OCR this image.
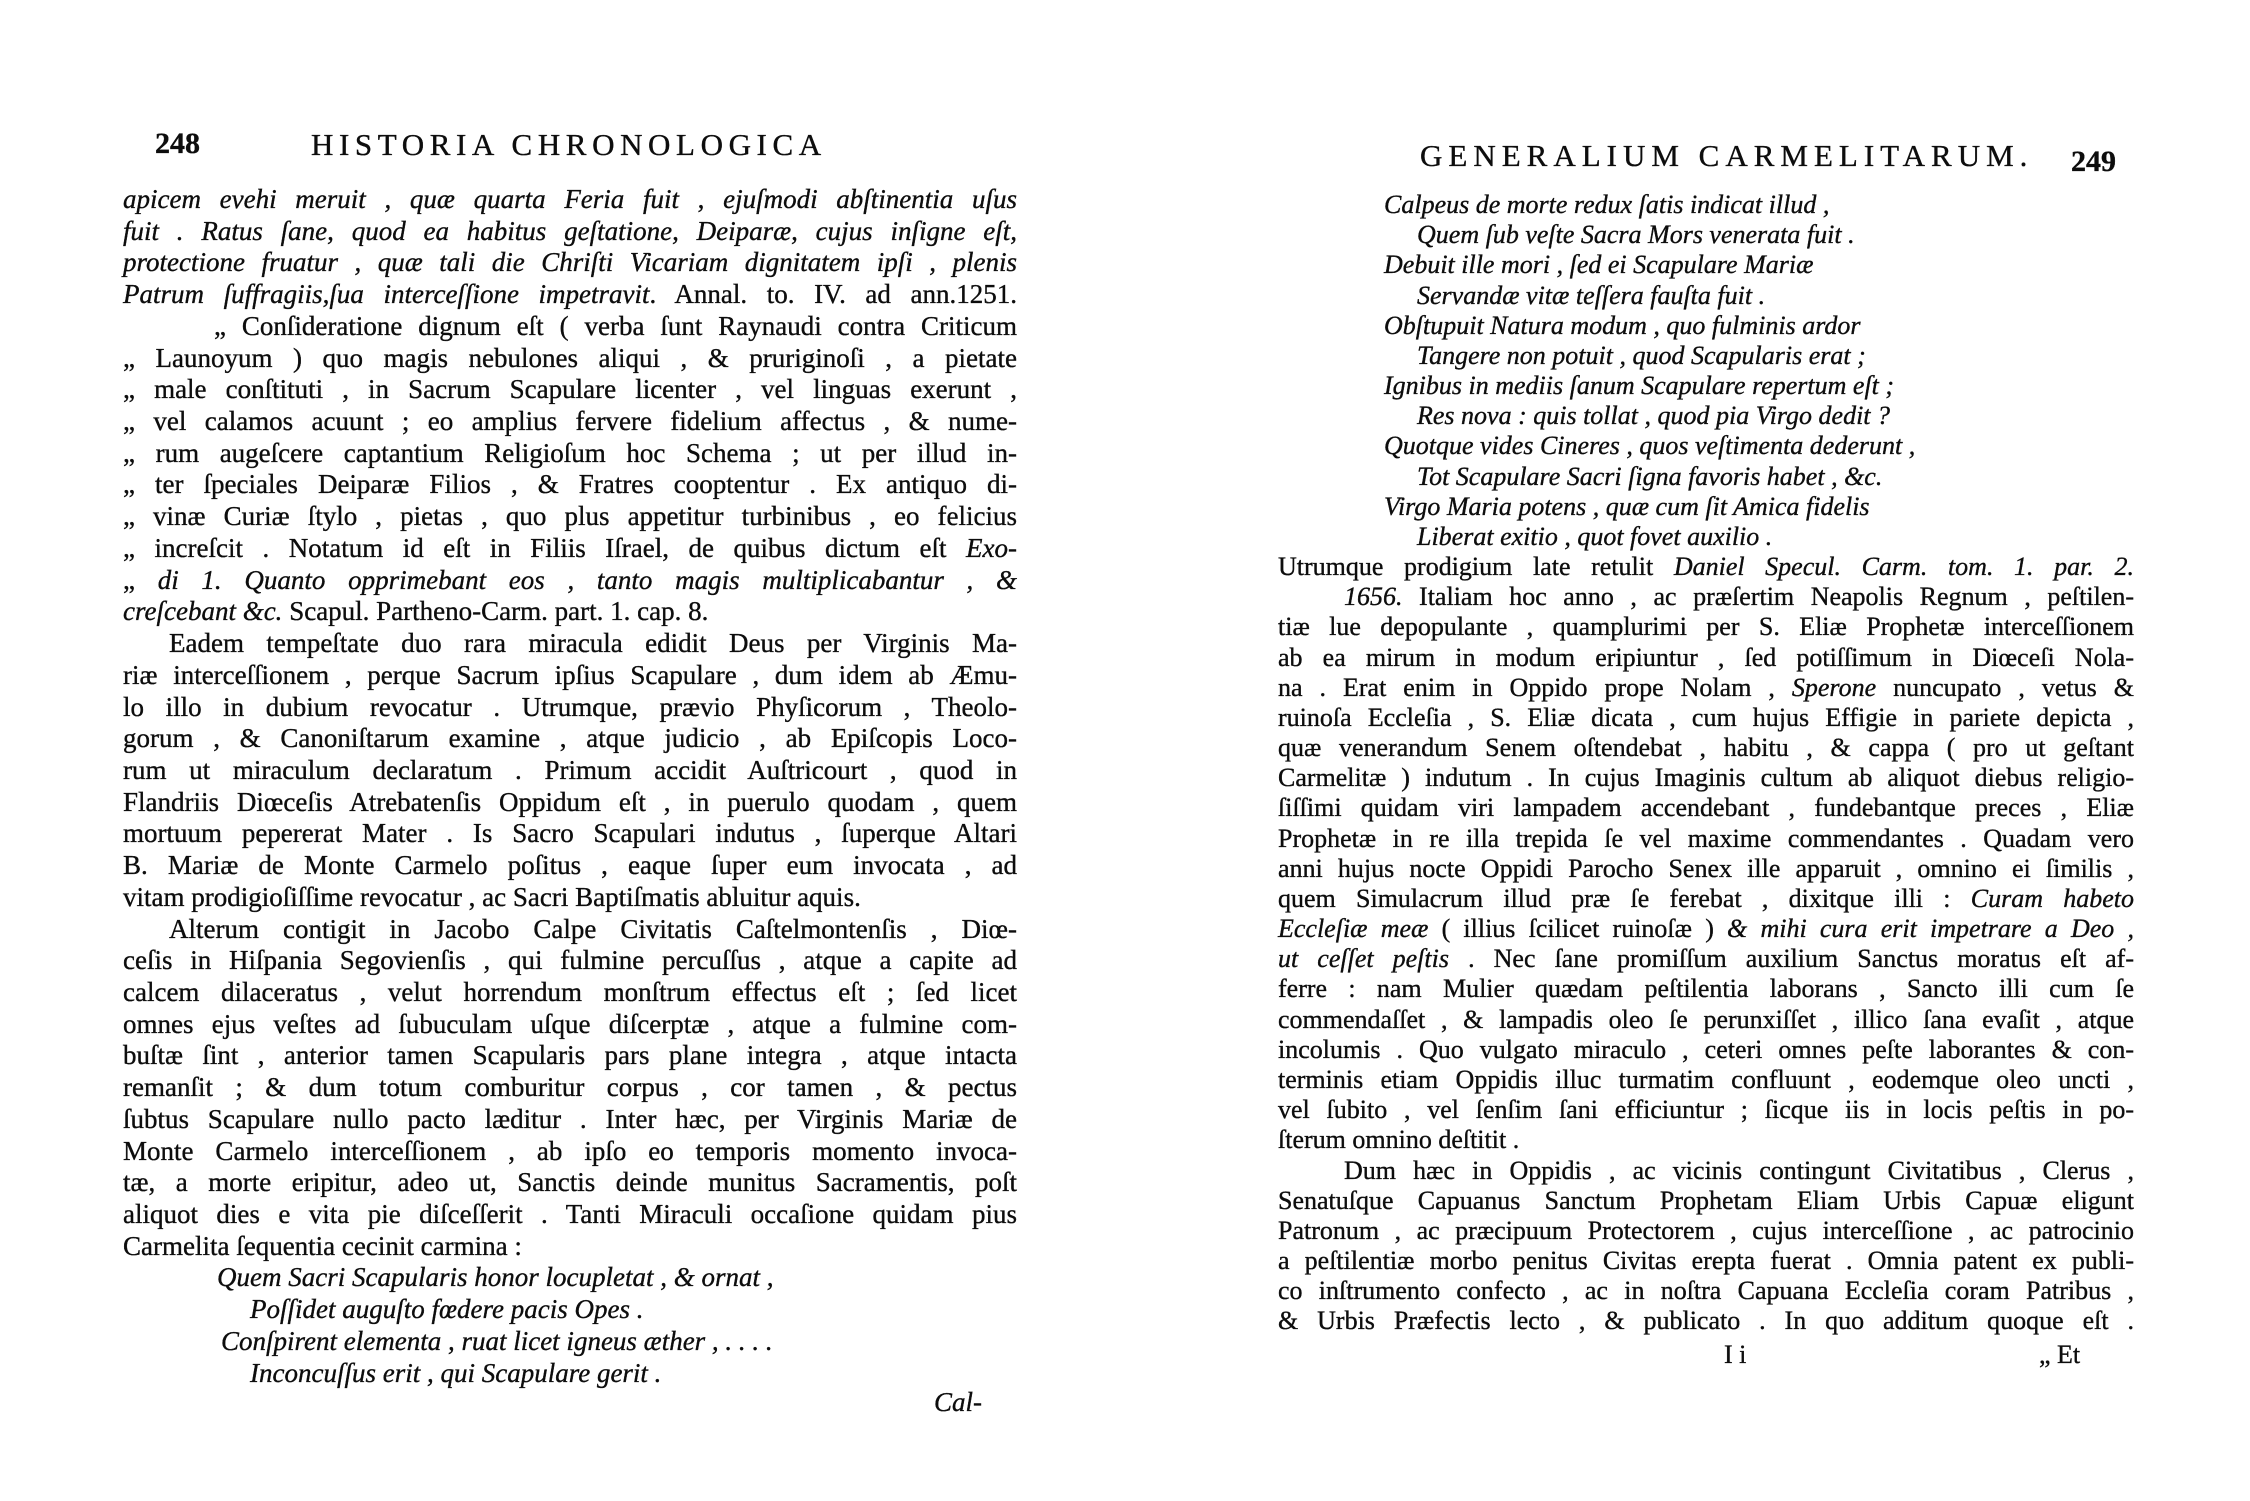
248	HISTORIA CHRONOLOGICA
apicem evehi meruit , quæ quarta Feria fuit , ejuſmodi abſtinentia uſus
fuit . Ratus ſane, quod ea habitus geſtatione, Deiparæ, cujus inſigne eſt,
protectione fruatur , quæ tali die Chriſti Vicariam dignitatem ipſi , plenis
Patrum ſuffragiis,ſua interceſſione impetravit. Annal. to. IV. ad ann.1251.
„ Conſideratione dignum eſt ( verba ſunt Raynaudi contra Criticum
„ Launoyum ) quo magis nebulones aliqui , & pruriginoſi , a pietate
„ male conſtituti , in Sacrum Scapulare licenter , vel linguas exerunt ,
„ vel calamos acuunt ; eo amplius fervere fidelium affectus , & nume-
„ rum augeſcere captantium Religioſum hoc Schema ; ut per illud in-
„ ter ſpeciales Deiparæ Filios , & Fratres cooptentur . Ex antiquo di-
„ vinæ Curiæ ſtylo , pietas , quo plus appetitur turbinibus , eo felicius
„ increſcit . Notatum id eſt in Filiis Iſrael, de quibus dictum eſt Exo-
„ di 1. Quanto opprimebant eos , tanto magis multiplicabantur , &
creſcebant &c. Scapul. Partheno-Carm. part. 1. cap. 8.
Eadem tempeſtate duo rara miracula edidit Deus per Virginis Ma-
riæ interceſſionem , perque Sacrum ipſius Scapulare , dum idem ab Æmu-
lo illo in dubium revocatur . Utrumque, prævio Phyſicorum , Theolo-
gorum , & Canoniſtarum examine , atque judicio , ab Epiſcopis Loco-
rum ut miraculum declaratum . Primum accidit Auſtricourt , quod in
Flandriis Diœceſis Atrebatenſis Oppidum eſt , in puerulo quodam , quem
mortuum pepererat Mater . Is Sacro Scapulari indutus , ſuperque Altari
B. Mariæ de Monte Carmelo poſitus , eaque ſuper eum invocata , ad
vitam prodigioſiſſime revocatur , ac Sacri Baptiſmatis abluitur aquis.
Alterum contigit in Jacobo Calpe Civitatis Caſtelmontenſis , Diœ-
ceſis in Hiſpania Segovienſis , qui fulmine percuſſus , atque a capite ad
calcem dilaceratus , velut horrendum monſtrum effectus eſt ; ſed licet
omnes ejus veſtes ad ſubuculam uſque diſcerptæ , atque a fulmine com-
buſtæ ſint , anterior tamen Scapularis pars plane integra , atque intacta
remanſit ; & dum totum comburitur corpus , cor tamen , & pectus
ſubtus Scapulare nullo pacto læditur . Inter hæc, per Virginis Mariæ de
Monte Carmelo interceſſionem , ab ipſo eo temporis momento invoca-
tæ, a morte eripitur, adeo ut, Sanctis deinde munitus Sacramentis, poſt
aliquot dies e vita pie diſceſſerit . Tanti Miraculi occaſione quidam pius
Carmelita ſequentia cecinit carmina :
Quem Sacri Scapularis honor locupletat , & ornat ,
Poſſidet auguſto fœdere pacis Opes .
Conſpirent elementa , ruat licet igneus æther , . . . .
Inconcuſſus erit , qui Scapulare gerit .
Cal-
GENERALIUM CARMELITARUM. 249
Calpeus de morte redux ſatis indicat illud ,
Quem ſub veſte Sacra Mors venerata fuit .
Debuit ille mori , ſed ei Scapulare Mariæ
Servandæ vitæ teſſera fauſta fuit .
Obſtupuit Natura modum , quo fulminis ardor
Tangere non potuit , quod Scapularis erat ;
Ignibus in mediis ſanum Scapulare repertum eſt ;
Res nova : quis tollat , quod pia Virgo dedit ?
Quotque vides Cineres , quos veſtimenta dederunt ,
Tot Scapulare Sacri ſigna favoris habet , &c.
Virgo Maria potens , quæ cum ſit Amica fidelis
Liberat exitio , quot fovet auxilio .
Utrumque prodigium late retulit Daniel Specul. Carm. tom. 1. par. 2.
1656. Italiam hoc anno , ac præſertim Neapolis Regnum , peſtilen-
tiæ lue depopulante , quamplurimi per S. Eliæ Prophetæ interceſſionem
ab ea mirum in modum eripiuntur , ſed potiſſimum in Diœceſi Nola-
na . Erat enim in Oppido prope Nolam , Sperone nuncupato , vetus &
ruinoſa Eccleſia , S. Eliæ dicata , cum hujus Effigie in pariete depicta ,
quæ venerandum Senem oſtendebat , habitu , & cappa ( pro ut geſtant
Carmelitæ ) indutum . In cujus Imaginis cultum ab aliquot diebus religio-
ſiſſimi quidam viri lampadem accendebant , fundebantque preces , Eliæ
Prophetæ in re illa trepida ſe vel maxime commendantes . Quadam vero
anni hujus nocte Oppidi Parocho Senex ille apparuit , omnino ei ſimilis ,
quem Simulacrum illud præ ſe ferebat , dixitque illi : Curam habeto
Eccleſiæ meæ ( illius ſcilicet ruinoſæ ) & mihi cura erit impetrare a Deo ,
ut ceſſet peſtis . Nec ſane promiſſum auxilium Sanctus moratus eſt af-
ferre : nam Mulier quædam peſtilentia laborans , Sancto illi cum ſe
commendaſſet , & lampadis oleo ſe perunxiſſet , illico ſana evaſit , atque
incolumis . Quo vulgato miraculo , ceteri omnes peſte laborantes & con-
terminis etiam Oppidis illuc turmatim confluunt , eodemque oleo uncti ,
vel ſubito , vel ſenſim ſani efficiuntur ; ſicque iis in locis peſtis in po-
ſterum omnino deſtitit .
Dum hæc in Oppidis , ac vicinis contingunt Civitatibus , Clerus ,
Senatuſque Capuanus Sanctum Prophetam Eliam Urbis Capuæ eligunt
Patronum , ac præcipuum Protectorem , cujus interceſſione , ac patrocinio
a peſtilentiæ morbo penitus Civitas erepta fuerat . Omnia patent ex publi-
co inſtrumento confecto , ac in noſtra Capuana Eccleſia coram Patribus ,
& Urbis Præfectis lecto , & publicato . In quo additum quoque eſt .
I i	„ Et
